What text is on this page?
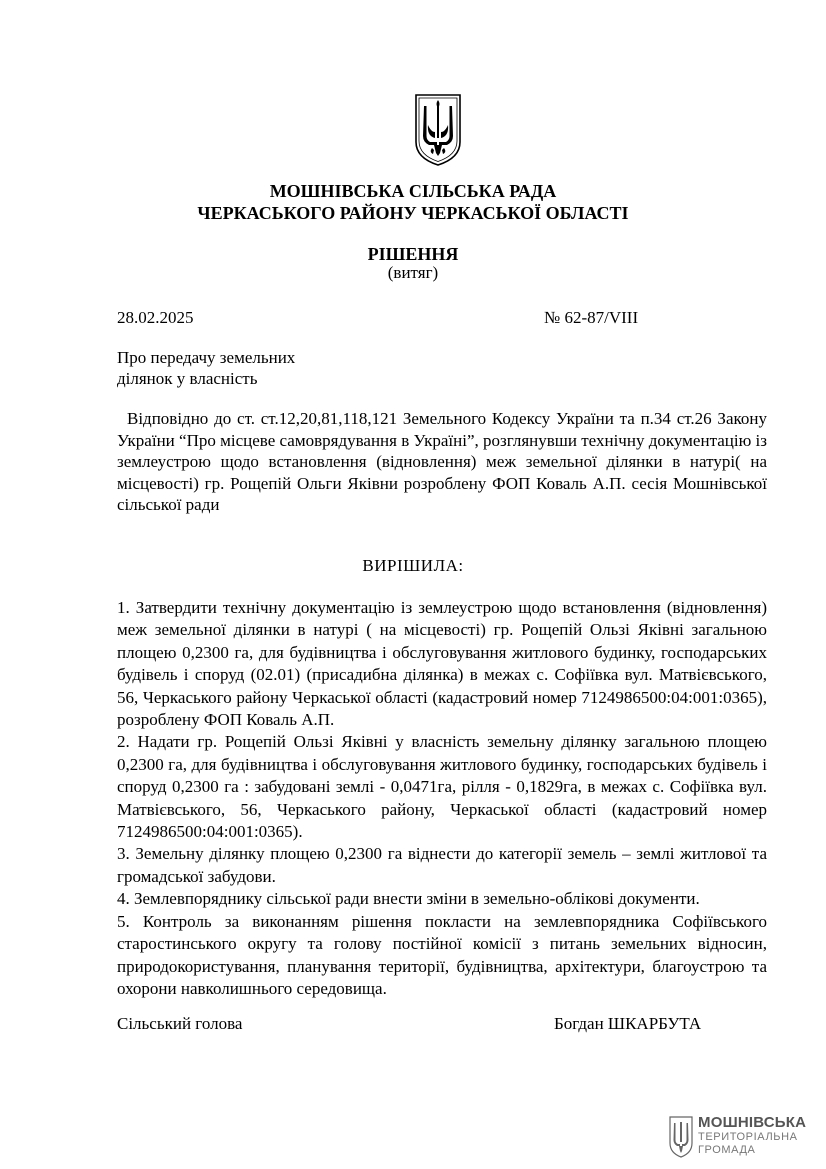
МОШНІВСЬКА СІЛЬСЬКА РАДА
ЧЕРКАСЬКОГО РАЙОНУ ЧЕРКАСЬКОЇ ОБЛАСТІ
РІШЕННЯ
(витяг)
28.02.2025	№ 62-87/VIII
Про передачу земельних
ділянок у власність
Відповідно до ст. ст.12,20,81,118,121 Земельного Кодексу України та п.34 ст.26 Закону України “Про місцеве самоврядування в Україні”, розглянувши технічну документацію із землеустрою щодо встановлення (відновлення) меж земельної ділянки в натурі( на місцевості) гр. Рощепій Ольги Яківни розроблену ФОП Коваль А.П. сесія Мошнівської сільської ради
ВИРІШИЛА:

1. Затвердити технічну документацію із землеустрою щодо встановлення (відновлення) меж земельної ділянки в натурі ( на місцевості) гр. Рощепій Ользі Яківні загальною площею 0,2300 га, для будівництва і обслуговування житлового будинку, господарських будівель і споруд (02.01) (присадибна ділянка) в межах с. Софіївка вул. Матвієвського, 56, Черкаського району Черкаської області (кадастровий номер 7124986500:04:001:0365), розроблену ФОП Коваль А.П.

2. Надати гр. Рощепій Ользі Яківні у власність земельну ділянку загальною площею 0,2300 га, для будівництва і обслуговування житлового будинку, господарських будівель і споруд 0,2300 га : забудовані землі - 0,0471га, рілля - 0,1829га, в межах с. Софіївка вул. Матвієвського, 56, Черкаського району, Черкаської області (кадастровий номер 7124986500:04:001:0365).

3. Земельну ділянку площею 0,2300 га віднести до категорії земель – землі житлової та громадської забудови.

4. Землевпоряднику сільської ради внести зміни в земельно-облікові документи.

5. Контроль за виконанням рішення покласти на землевпорядника Софіївського старостинського округу та голову постійної комісії з питань земельних відносин, природокористування, планування території, будівництва, архітектури, благоустрою та охорони навколишнього середовища.

Сільський голова	Богдан ШКАРБУТА
МОШНІВСЬКА
ТЕРИТОРІАЛЬНА
ГРОМАДА
